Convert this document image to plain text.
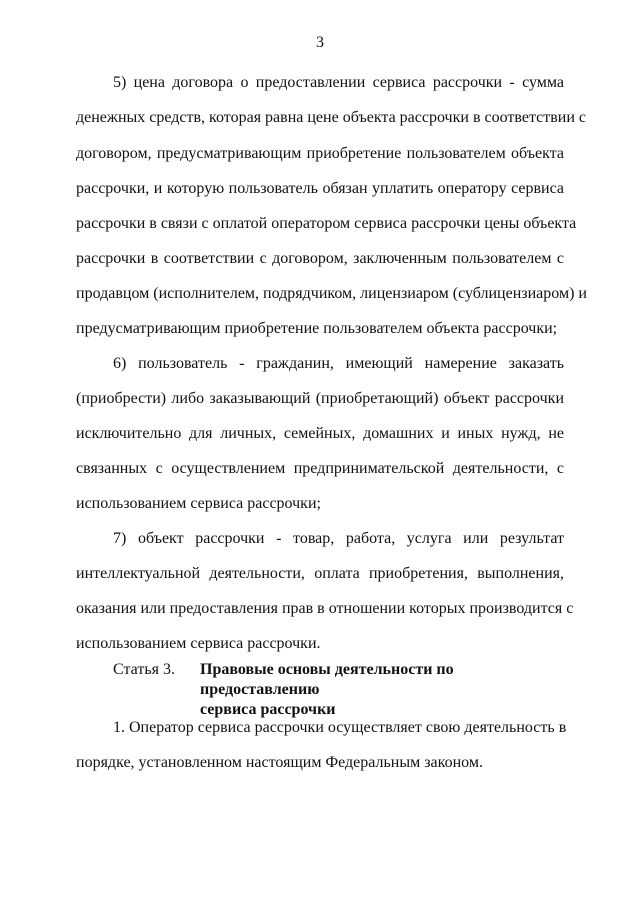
3
5) цена договора о предоставлении сервиса рассрочки - сумма
денежных средств, которая равна цене объекта рассрочки в соответствии с
договором, предусматривающим приобретение пользователем объекта
рассрочки, и которую пользователь обязан уплатить оператору сервиса
рассрочки в связи с оплатой оператором сервиса рассрочки цены объекта
рассрочки в соответствии с договором, заключенным пользователем с
продавцом (исполнителем, подрядчиком, лицензиаром (сублицензиаром) и
предусматривающим приобретение пользователем объекта рассрочки;
6) пользователь - гражданин, имеющий намерение заказать
(приобрести) либо заказывающий (приобретающий) объект рассрочки
исключительно для личных, семейных, домашних и иных нужд, не
связанных с осуществлением предпринимательской деятельности, с
использованием сервиса рассрочки;
7) объект рассрочки - товар, работа, услуга или результат
интеллектуальной деятельности, оплата приобретения, выполнения,
оказания или предоставления прав в отношении которых производится с
использованием сервиса рассрочки.
Статья 3. Правовые основы деятельности по предоставлению
сервиса рассрочки
1. Оператор сервиса рассрочки осуществляет свою деятельность в
порядке, установленном настоящим Федеральным законом.
